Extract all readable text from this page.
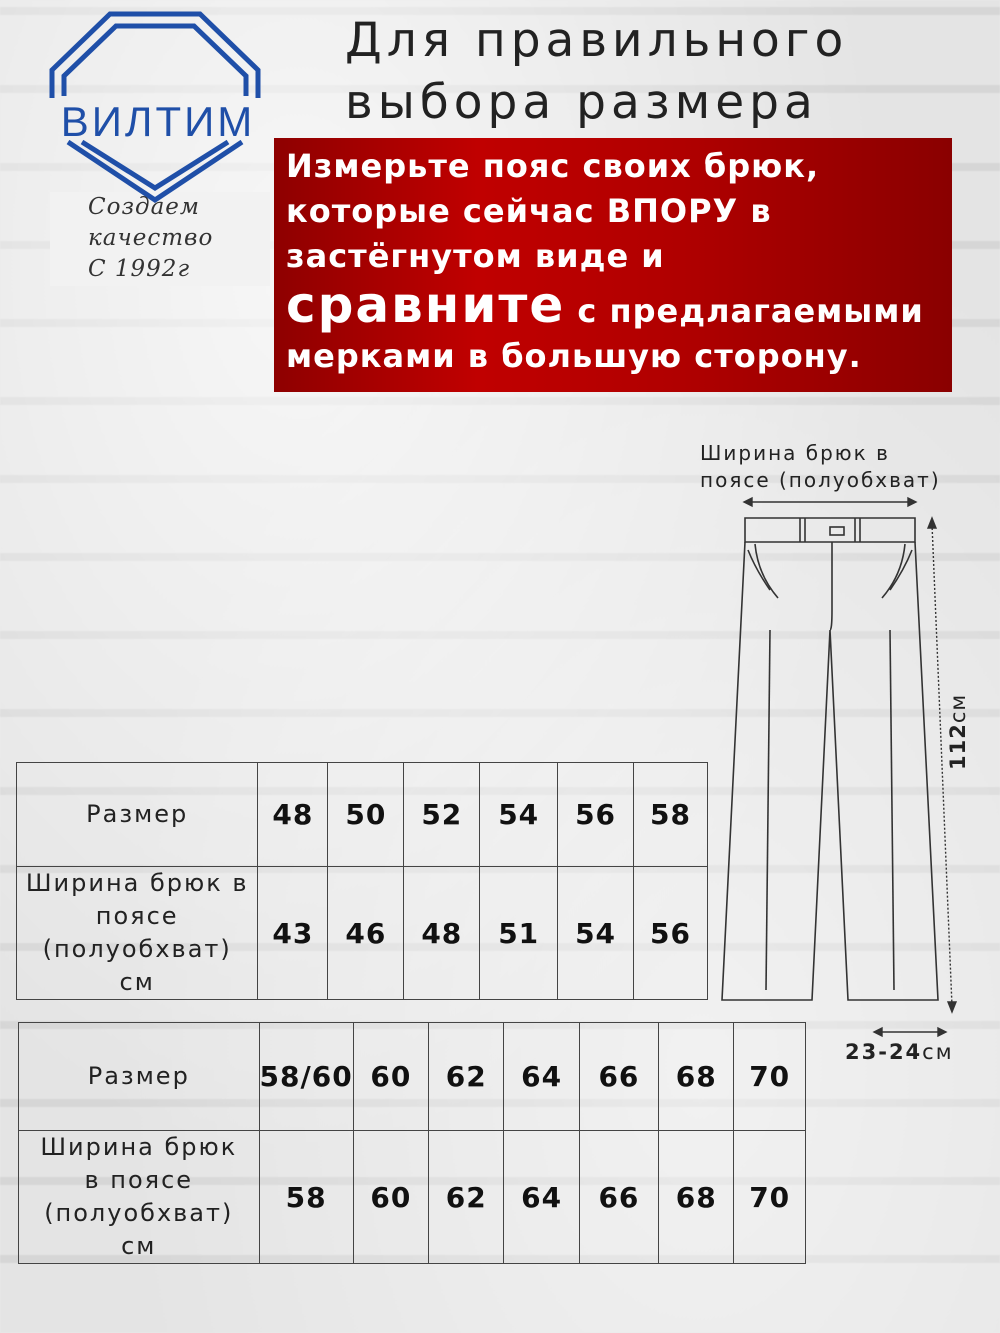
ВИЛТИМ
Создаем
качество
С 1992г
Для правильного
выбора размера
Измерьте пояс своих брюк,
которые сейчас ВПОРУ в
застёгнутом виде и
сравните с предлагаемыми
мерками в большую сторону.
Ширина брюк в
поясе (полуобхват)
112см
23-24см
Размер	48	50	52	54	56	58

Ширина брюк в
поясе
(полуобхват)
см	43	46	48	51	54	56
Размер	58/60	60	62	64	66	68	70

Ширина брюк
в поясе
(полуобхват)
см	58	60	62	64	66	68	70
